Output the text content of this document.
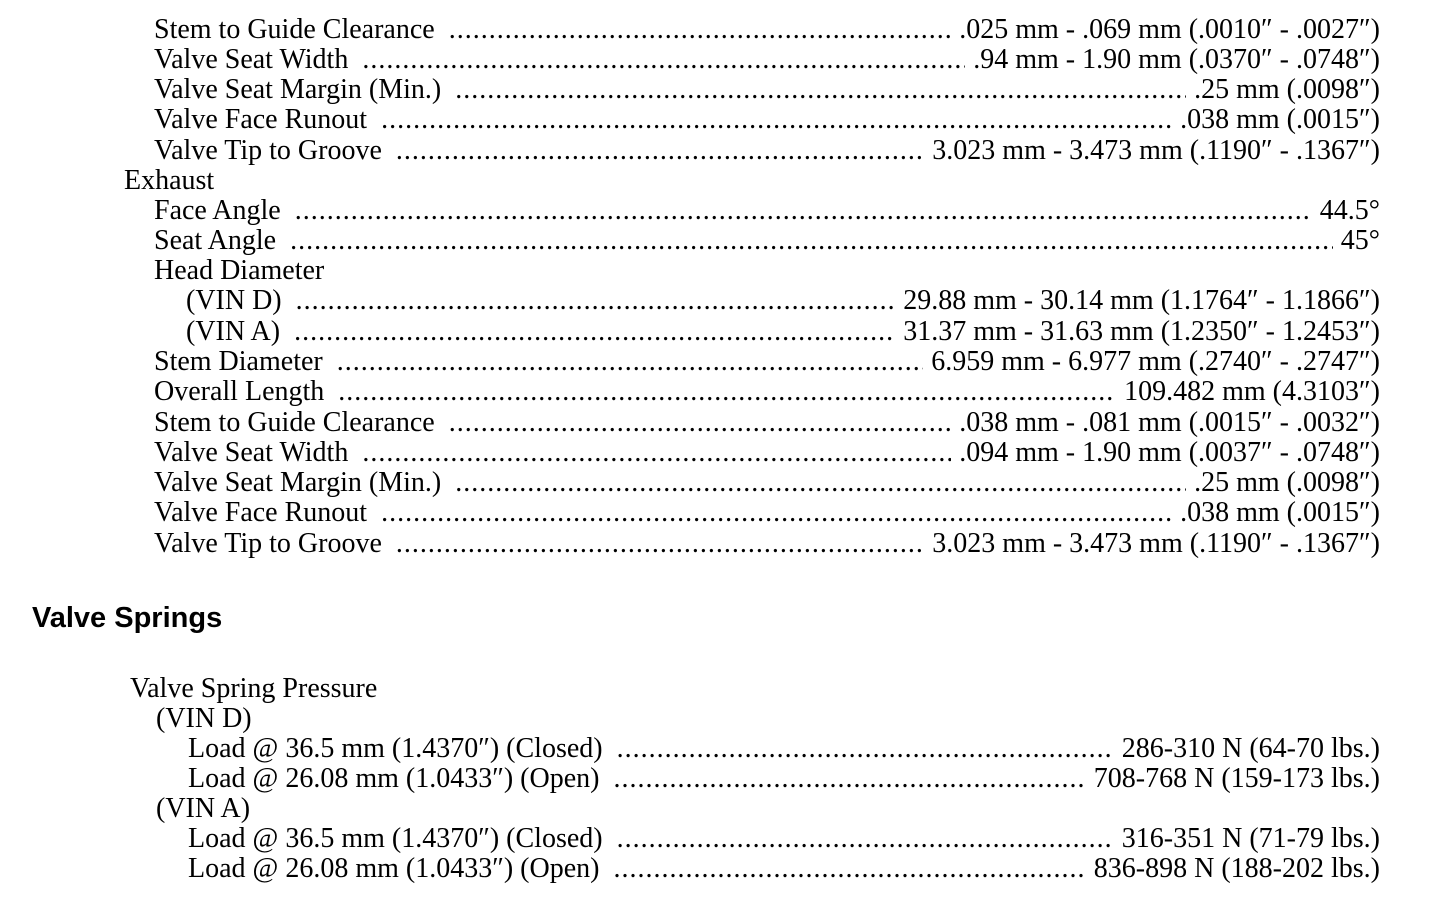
Stem to Guide Clearance .....	.025 mm - .069 mm (.0010″ - .0027″)
Valve Seat Width .....	.94 mm - 1.90 mm (.0370″ - .0748″)
Valve Seat Margin (Min.) .....	.25 mm (.0098″)
Valve Face Runout .....	.038 mm (.0015″)
Valve Tip to Groove .....	3.023 mm - 3.473 mm (.1190″ - .1367″)
Exhaust
Face Angle .....	44.5°
Seat Angle .....	45°
Head Diameter
(VIN D) .....	29.88 mm - 30.14 mm (1.1764″ - 1.1866″)
(VIN A) .....	31.37 mm - 31.63 mm (1.2350″ - 1.2453″)
Stem Diameter .....	6.959 mm - 6.977 mm (.2740″ - .2747″)
Overall Length .....	109.482 mm (4.3103″)
Stem to Guide Clearance .....	.038 mm - .081 mm (.0015″ - .0032″)
Valve Seat Width .....	.094 mm - 1.90 mm (.0037″ - .0748″)
Valve Seat Margin (Min.) .....	.25 mm (.0098″)
Valve Face Runout .....	.038 mm (.0015″)
Valve Tip to Groove .....	3.023 mm - 3.473 mm (.1190″ - .1367″)
Valve Springs
Valve Spring Pressure
(VIN D)
Load @ 36.5 mm (1.4370″) (Closed) .....	286-310 N (64-70 lbs.)
Load @ 26.08 mm (1.0433″) (Open) .....	708-768 N (159-173 lbs.)
(VIN A)
Load @ 36.5 mm (1.4370″) (Closed) .....	316-351 N (71-79 lbs.)
Load @ 26.08 mm (1.0433″) (Open) .....	836-898 N (188-202 lbs.)
